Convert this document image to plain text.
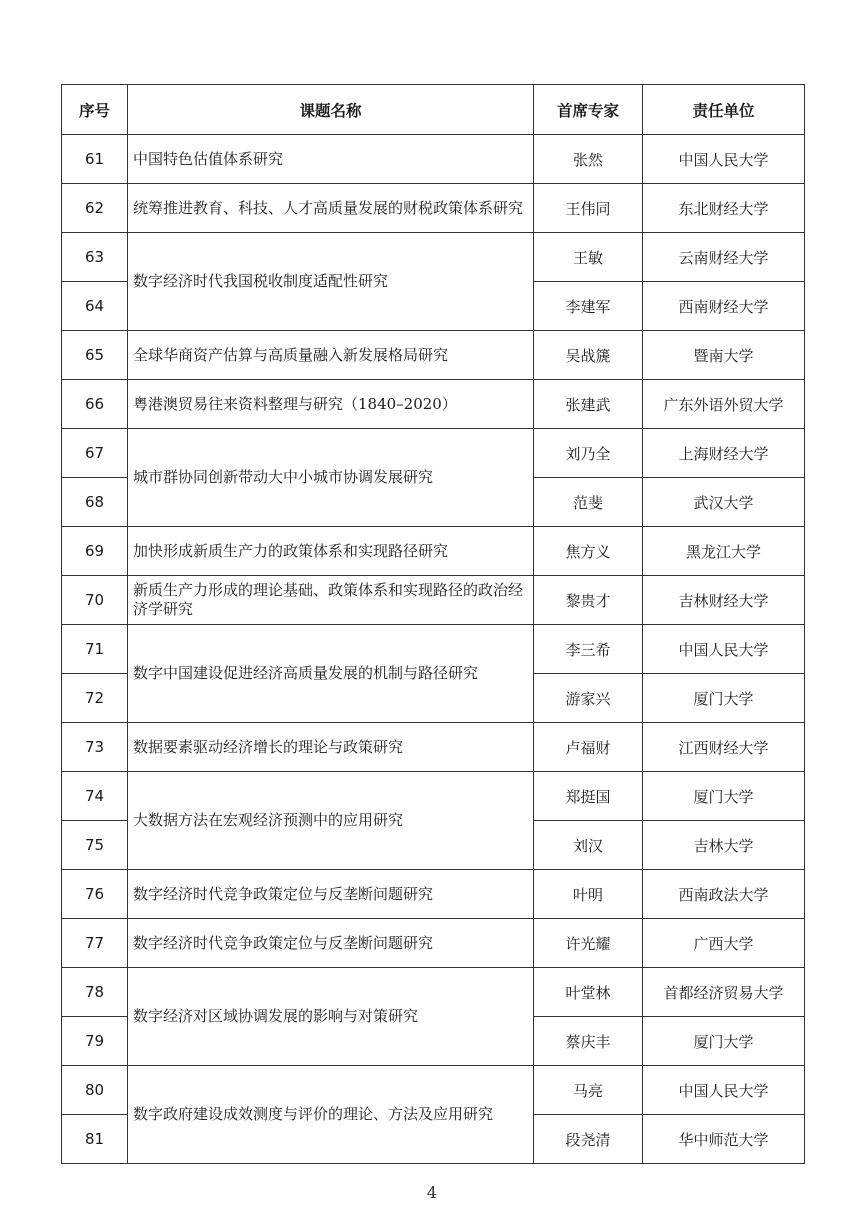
序号	课题名称	首席专家	责任单位
61	中国特色估值体系研究	张然	中国人民大学
62	统筹推进教育、科技、人才高质量发展的财税政策体系研究	王伟同	东北财经大学
63	数字经济时代我国税收制度适配性研究	王敏	云南财经大学
64		李建军	西南财经大学
65	全球华商资产估算与高质量融入新发展格局研究	吴战篪	暨南大学
66	粤港澳贸易往来资料整理与研究（1840–2020）	张建武	广东外语外贸大学
67	城市群协同创新带动大中小城市协调发展研究	刘乃全	上海财经大学
68		范斐	武汉大学
69	加快形成新质生产力的政策体系和实现路径研究	焦方义	黑龙江大学
70	新质生产力形成的理论基础、政策体系和实现路径的政治经济学研究	黎贵才	吉林财经大学
71	数字中国建设促进经济高质量发展的机制与路径研究	李三希	中国人民大学
72		游家兴	厦门大学
73	数据要素驱动经济增长的理论与政策研究	卢福财	江西财经大学
74	大数据方法在宏观经济预测中的应用研究	郑挺国	厦门大学
75		刘汉	吉林大学
76	数字经济时代竞争政策定位与反垄断问题研究	叶明	西南政法大学
77	数字经济时代竞争政策定位与反垄断问题研究	许光耀	广西大学
78	数字经济对区域协调发展的影响与对策研究	叶堂林	首都经济贸易大学
79		蔡庆丰	厦门大学
80	数字政府建设成效测度与评价的理论、方法及应用研究	马亮	中国人民大学
81		段尧清	华中师范大学
4
